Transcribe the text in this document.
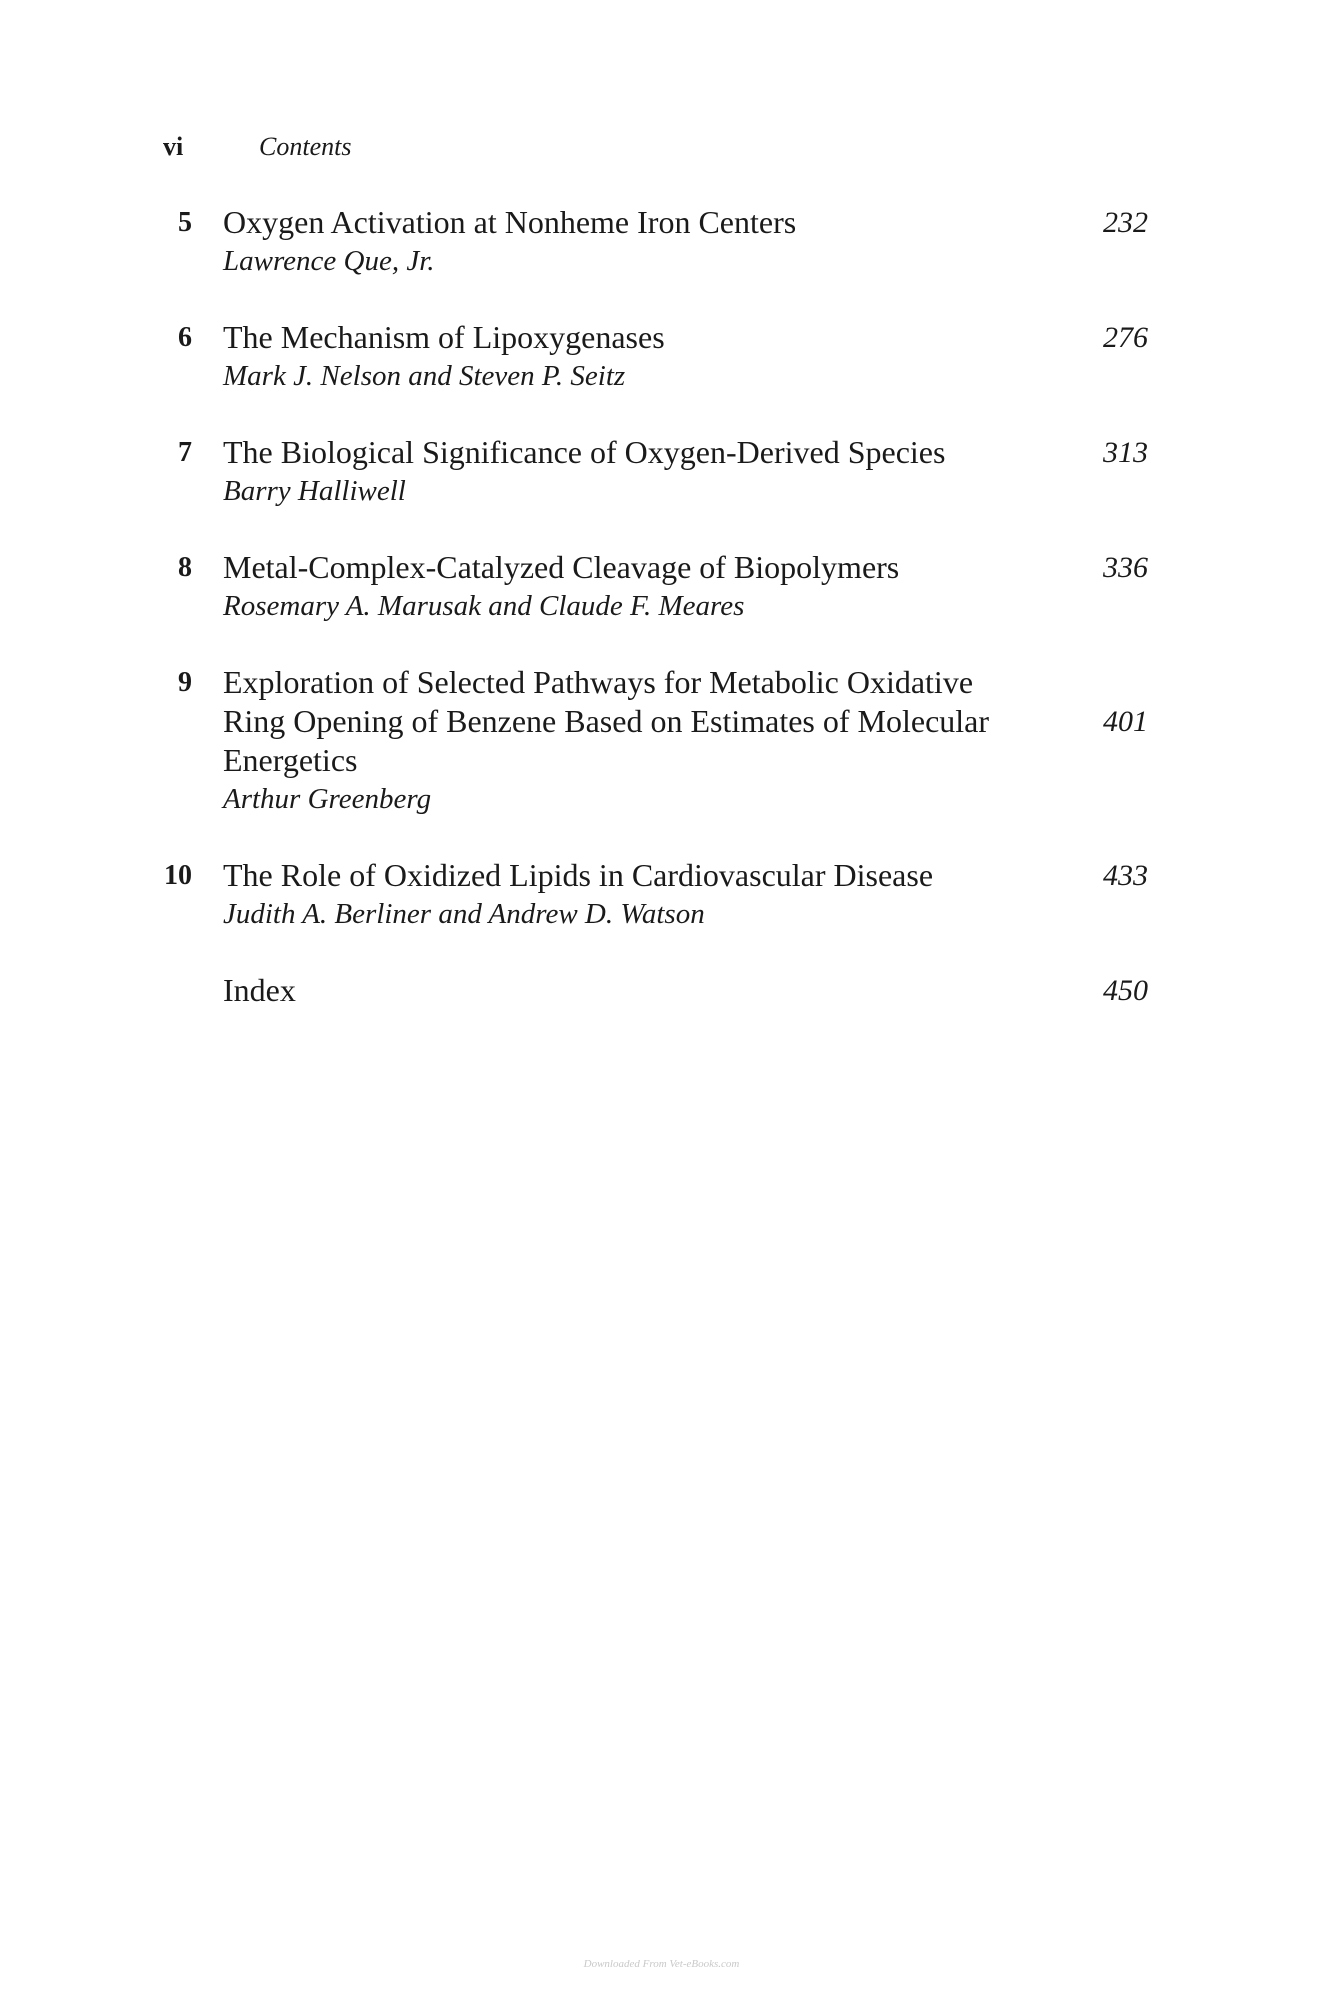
vi	Contents
5 Oxygen Activation at Nonheme Iron Centers
Lawrence Que, Jr.
232
6 The Mechanism of Lipoxygenases
Mark J. Nelson and Steven P. Seitz
276
7 The Biological Significance of Oxygen-Derived Species
Barry Halliwell
313
8 Metal-Complex-Catalyzed Cleavage of Biopolymers
Rosemary A. Marusak and Claude F. Meares
336
9 Exploration of Selected Pathways for Metabolic Oxidative
Ring Opening of Benzene Based on Estimates of Molecular
Energetics
Arthur Greenberg
401
10 The Role of Oxidized Lipids in Cardiovascular Disease
Judith A. Berliner and Andrew D. Watson
433
Index	450
Downloaded From Vet-eBooks.com
